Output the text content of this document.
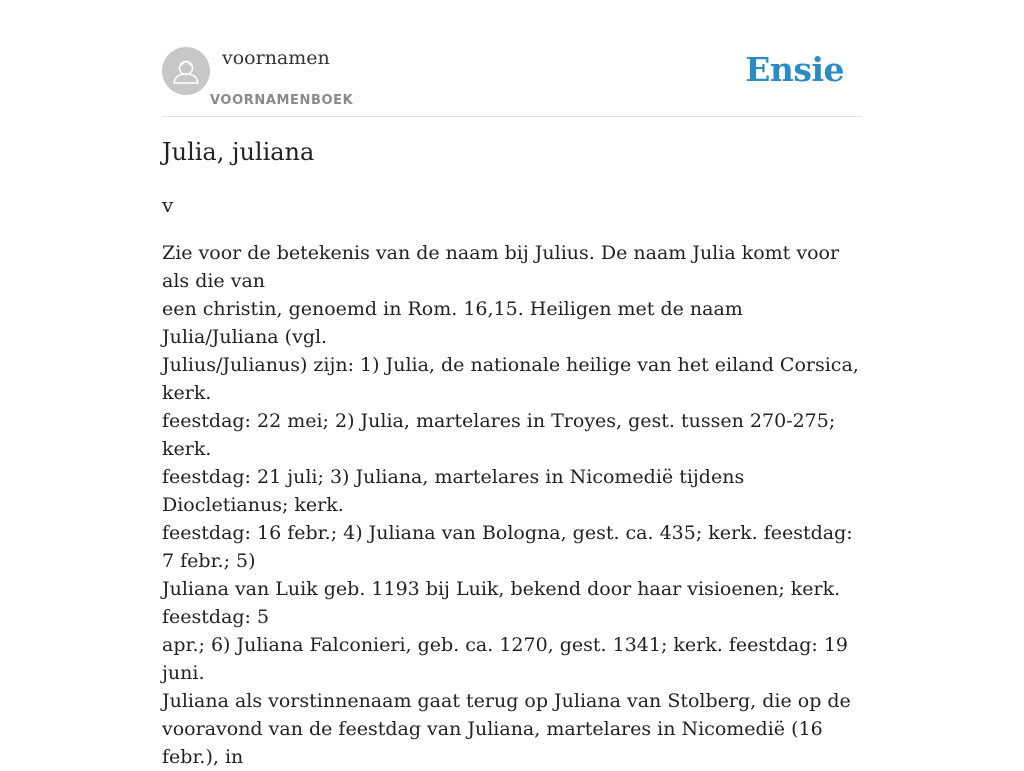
voornamen
VOORNAMENBOEK
Ensie
Julia, juliana
v

Zie voor de betekenis van de naam bij Julius. De naam Julia komt voor als die van
een christin, genoemd in Rom. 16,15. Heiligen met de naam Julia/Juliana (vgl.
Julius/Julianus) zijn: 1) Julia, de nationale heilige van het eiland Corsica, kerk.
feestdag: 22 mei; 2) Julia, martelares in Troyes, gest. tussen 270-275; kerk.
feestdag: 21 juli; 3) Juliana, martelares in Nicomedië tijdens Diocletianus; kerk.
feestdag: 16 febr.; 4) Juliana van Bologna, gest. ca. 435; kerk. feestdag: 7 febr.; 5)
Juliana van Luik geb. 1193 bij Luik, bekend door haar visioenen; kerk. feestdag: 5
apr.; 6) Juliana Falconieri, geb. ca. 1270, gest. 1341; kerk. feestdag: 19 juni.
Juliana als vorstinnenaam gaat terug op Juliana van Stolberg, die op de
vooravond van de feestdag van Juliana, martelares in Nicomedië (16 febr.), in
